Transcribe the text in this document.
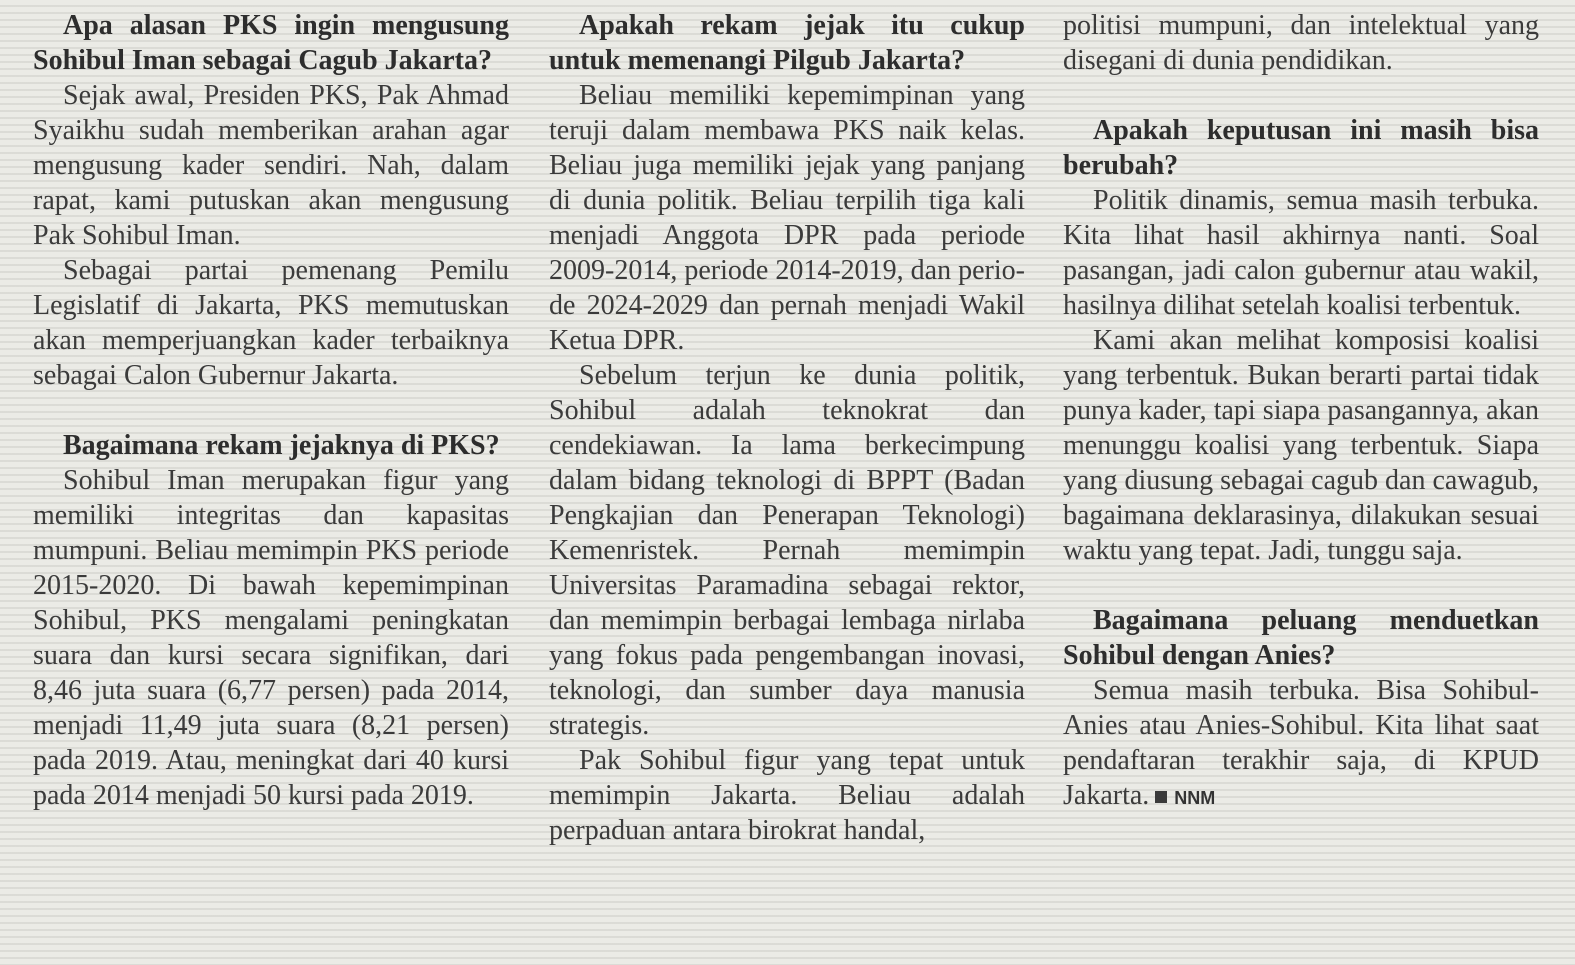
Apa alasan PKS ingin mengusung Sohibul Iman sebagai Cagub Jakarta?

Sejak awal, Presiden PKS, Pak Ahmad Syaikhu sudah memberikan arahan agar mengusung kader sendiri. Nah, dalam rapat, kami putuskan akan mengusung Pak Sohibul Iman.

Sebagai partai pemenang Pemilu Legislatif di Jakarta, PKS memutuskan akan memperjuangkan kader terbaiknya sebagai Calon Gubernur Jakarta.

Bagaimana rekam jejaknya di PKS?

Sohibul Iman merupakan figur yang memiliki integritas dan kapasitas mumpuni. Beliau memimpin PKS periode 2015-2020. Di bawah kepemimpinan Sohibul, PKS mengalami peningkatan suara dan kursi secara signifikan, dari 8,46 juta suara (6,77 persen) pada 2014, menjadi 11,49 juta suara (8,21 persen) pada 2019. Atau, meningkat dari 40 kursi pada 2014 menjadi 50 kursi pada 2019.

Apakah rekam jejak itu cukup untuk memenangi Pilgub Jakarta?

Beliau memiliki kepemimpinan yang teruji dalam membawa PKS naik kelas. Beliau juga memiliki jejak yang panjang di dunia politik. Beliau terpilih tiga kali menjadi Anggota DPR pada periode 2009-2014, periode 2014-2019, dan periode 2024-2029 dan pernah menjadi Wakil Ketua DPR.

Sebelum terjun ke dunia politik, Sohibul adalah teknokrat dan cendekiawan. Ia lama berkecimpung dalam bidang teknologi di BPPT (Badan Pengkajian dan Penerapan Teknologi) Kemenristek. Pernah memimpin Universitas Paramadina sebagai rektor, dan memimpin berbagai lembaga nirlaba yang fokus pada pengembangan inovasi, teknologi, dan sumber daya manusia strategis.

Pak Sohibul figur yang tepat untuk memimpin Jakarta. Beliau adalah perpaduan antara birokrat handal,

politisi mumpuni, dan intelektual yang disegani di dunia pendidikan.

Apakah keputusan ini masih bisa berubah?

Politik dinamis, semua masih terbuka. Kita lihat hasil akhirnya nanti. Soal pasangan, jadi calon gubernur atau wakil, hasilnya dilihat setelah koalisi terbentuk.

Kami akan melihat komposisi koalisi yang terbentuk. Bukan berarti partai tidak punya kader, tapi siapa pasangannya, akan menunggu koalisi yang terbentuk. Siapa yang diusung sebagai cagub dan cawagub, bagaimana deklarasinya, dilakukan sesuai waktu yang tepat. Jadi, tunggu saja.

Bagaimana peluang menduetkan Sohibul dengan Anies?

Semua masih terbuka. Bisa Sohibul-Anies atau Anies-Sohibul. Kita lihat saat pendaftaran terakhir saja, di KPUD Jakarta. NNM
